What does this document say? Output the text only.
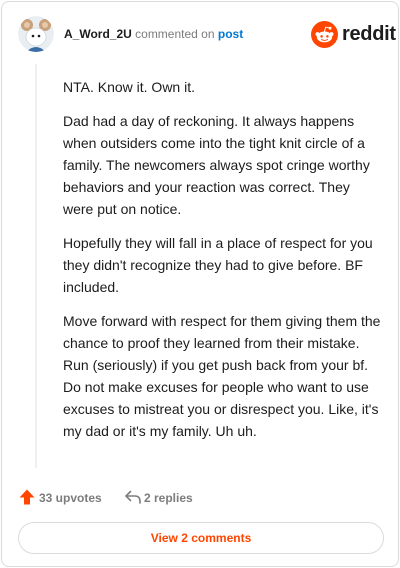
A_Word_2U commented on post	reddit

NTA. Know it. Own it.

Dad had a day of reckoning. It always happens when outsiders come into the tight knit circle of a family. The newcomers always spot cringe worthy behaviors and your reaction was correct. They were put on notice.

Hopefully they will fall in a place of respect for you they didn't recognize they had to give before. BF included.

Move forward with respect for them giving them the chance to proof they learned from their mistake. Run (seriously) if you get push back from your bf. Do not make excuses for people who want to use excuses to mistreat you or disrespect you. Like, it's my dad or it's my family. Uh uh.

33 upvotes	2 replies
View 2 comments
